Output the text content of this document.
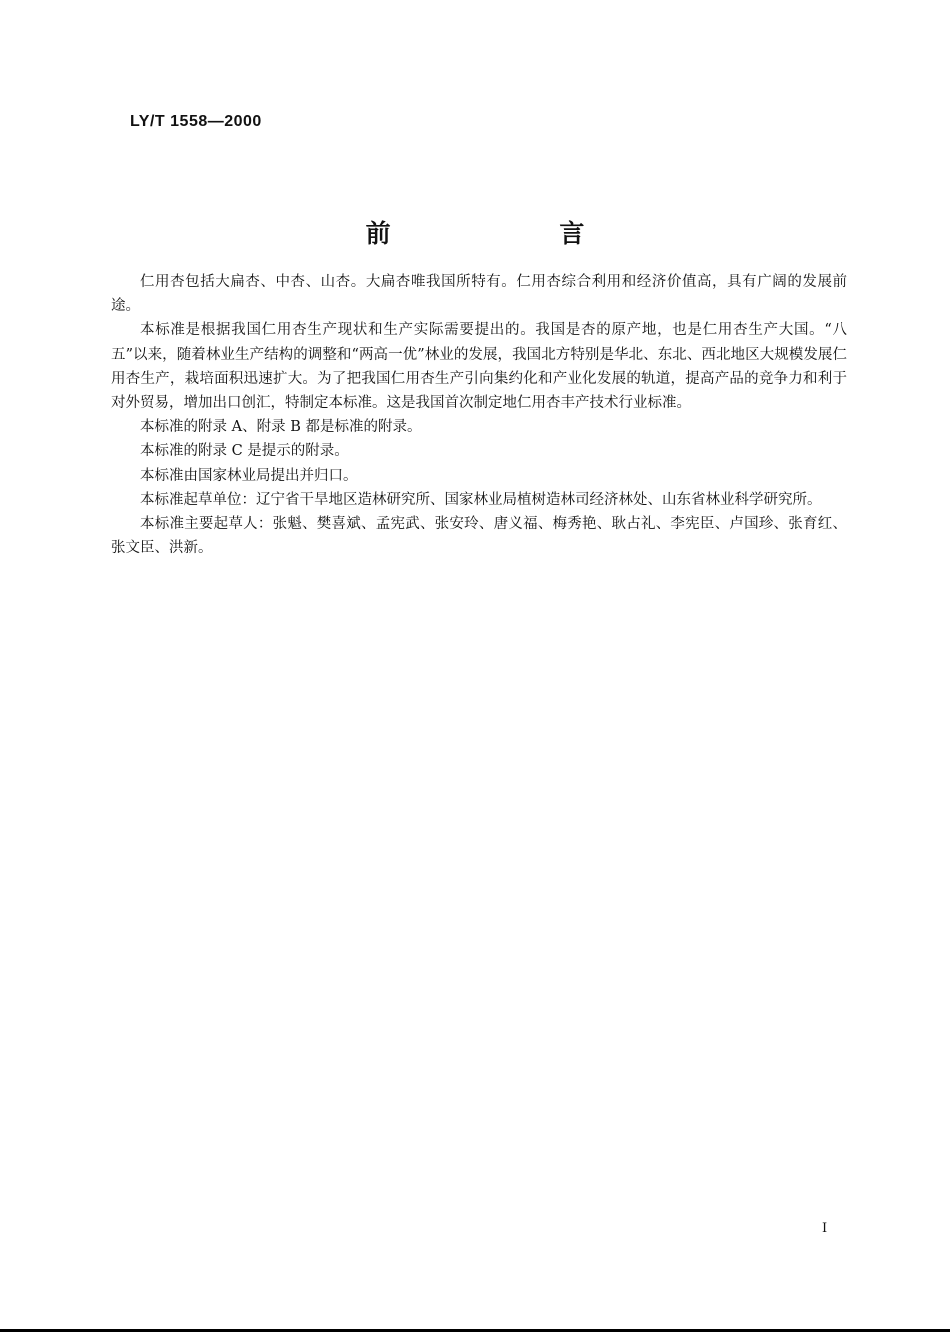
LY/T 1558—2000
前 言

仁用杏包括大扁杏、中杏、山杏。大扁杏唯我国所特有。仁用杏综合利用和经济价值高，具有广阔的发展前途。

本标准是根据我国仁用杏生产现状和生产实际需要提出的。我国是杏的原产地，也是仁用杏生产大国。“八五”以来，随着林业生产结构的调整和“两高一优”林业的发展，我国北方特别是华北、东北、西北地区大规模发展仁用杏生产，栽培面积迅速扩大。为了把我国仁用杏生产引向集约化和产业化发展的轨道，提高产品的竞争力和利于对外贸易，增加出口创汇，特制定本标准。这是我国首次制定地仁用杏丰产技术行业标准。

本标准的附录 A、附录 B 都是标准的附录。

本标准的附录 C 是提示的附录。

本标准由国家林业局提出并归口。

本标准起草单位：辽宁省干旱地区造林研究所、国家林业局植树造林司经济林处、山东省林业科学研究所。

本标准主要起草人：张魁、樊喜斌、孟宪武、张安玲、唐义福、梅秀艳、耿占礼、李宪臣、卢国珍、张育红、张文臣、洪新。

I
